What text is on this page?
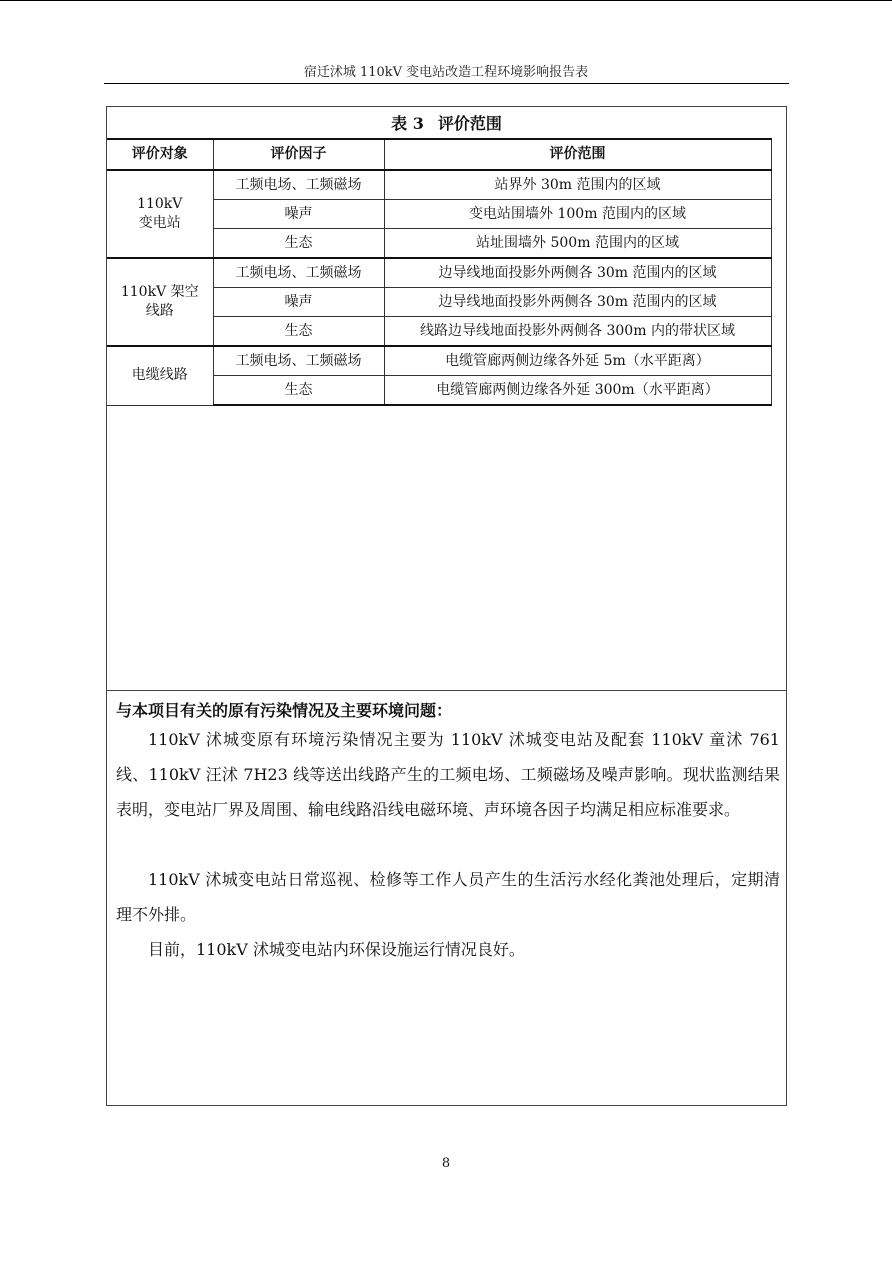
宿迁沭城 110kV 变电站改造工程环境影响报告表
表 3 评价范围
评价对象	评价因子	评价范围

110kV
变电站	工频电场、工频磁场	站界外 30m 范围内的区域
	噪声	变电站围墙外 100m 范围内的区域
	生态	站址围墙外 500m 范围内的区域

110kV 架空
线路	工频电场、工频磁场	边导线地面投影外两侧各 30m 范围内的区域
	噪声	边导线地面投影外两侧各 30m 范围内的区域
	生态	线路边导线地面投影外两侧各 300m 内的带状区域

电缆线路	工频电场、工频磁场	电缆管廊两侧边缘各外延 5m（水平距离）
	生态	电缆管廊两侧边缘各外延 300m（水平距离）
与本项目有关的原有污染情况及主要环境问题：

110kV 沭城变原有环境污染情况主要为 110kV 沭城变电站及配套 110kV 童沭 761 线、110kV 汪沭 7H23 线等送出线路产生的工频电场、工频磁场及噪声影响。现状监测结果表明，变电站厂界及周围、输电线路沿线电磁环境、声环境各因子均满足相应标准要求。

110kV 沭城变电站日常巡视、检修等工作人员产生的生活污水经化粪池处理后，定期清理不外排。

目前，110kV 沭城变电站内环保设施运行情况良好。

8
